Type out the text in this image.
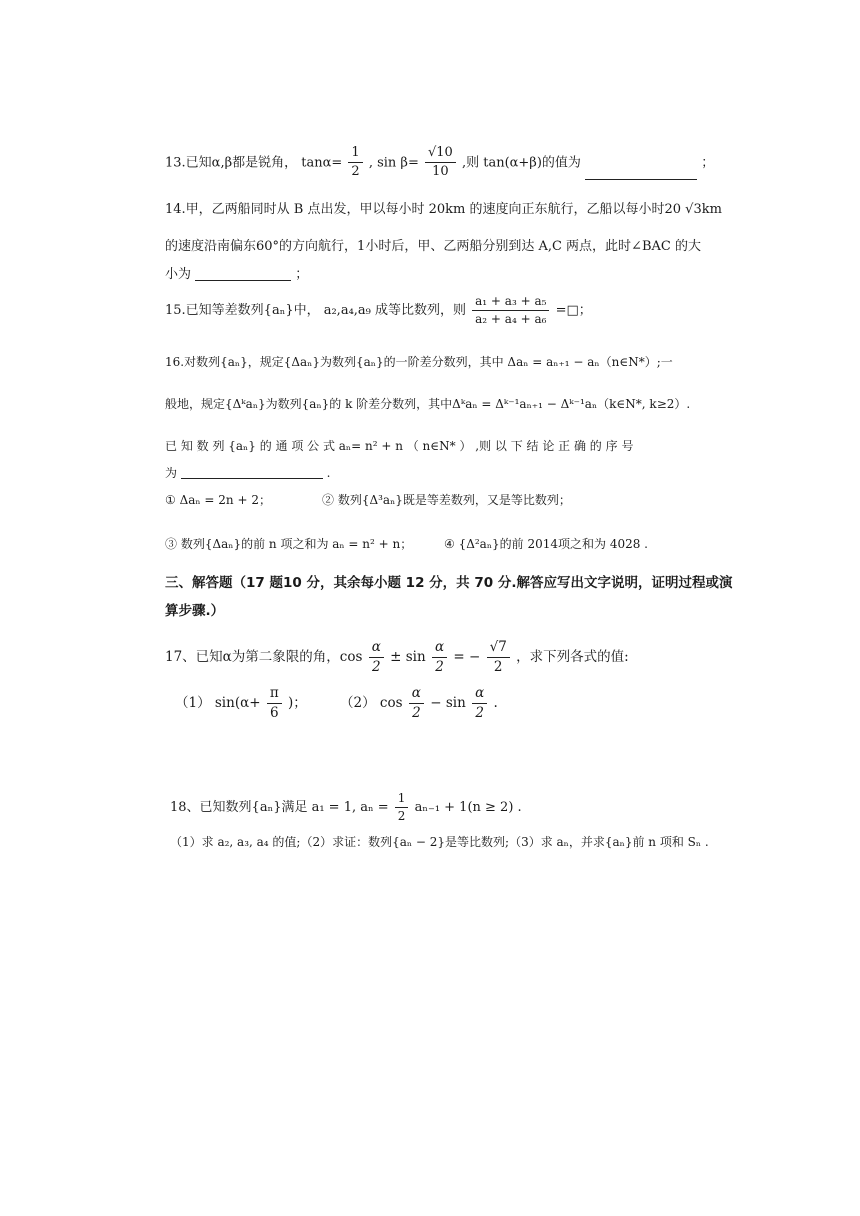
13.已知α,β都是锐角， $\tan\alpha= \frac{1}{2}$ , $\sin \beta= \frac{√10}{10}$ ,则 tan(α+β)的值为	；
14.甲，乙两船同时从 B 点出发，甲以每小时 20km 的速度向正东航行，乙船以每小时20 √3km
的速度沿南偏东60°的方向航行，1小时后，甲、乙两船分别到达 A,C 两点，此时∠BAC 的大
小为	；
15.已知等差数列{aₙ}中， a₂,a₄,a₉ 成等比数列，则 $\frac{\text{a₁ + a₃ + a₅}}{\text{a₂ + a₄ + a₆}}$ =□；
16.对数列{aₙ}，规定{Δaₙ}为数列{aₙ}的一阶差分数列，其中 Δaₙ = aₙ₊₁ − aₙ（n∈N*）;一
般地，规定{Δᵏaₙ}为数列{aₙ}的 k 阶差分数列，其中Δᵏaₙ = Δᵏ⁻¹aₙ₊₁ − Δᵏ⁻¹aₙ（k∈N*, k≥2）.
已 知 数 列 {aₙ} 的 通 项 公 式 aₙ= n² + n （ n∈N* ） ,则 以 下 结 论 正 确 的 序 号
为	.
① Δaₙ = 2n + 2；	② 数列{Δ³aₙ}既是等差数列，又是等比数列；
③ 数列{Δaₙ}的前 n 项之和为 aₙ = n² + n；	④ {Δ²aₙ}的前 2014项之和为 4028 .
三、解答题（17 题10 分，其余每小题 12 分，共 70 分.解答应写出文字说明，证明过程或演
算步骤.）
17、已知α为第二象限的角，$\cos \frac{\alpha}{2} \pm \sin \frac{\alpha}{2}$ = − $\frac{√7}{2}$ ，求下列各式的值:
（1） $\sin(\alpha+ \frac{\pi}{6}$ )； （2） $\cos \frac{\alpha}{2} - \sin \frac{\alpha}{2}$ .
18、已知数列{aₙ}满足 a₁ = 1, $a_n = \frac{1}{2} a_{n-1} + 1(n \ge 2)$ .
（1）求 a₂, a₃, a₄ 的值;（2）求证：数列{aₙ − 2}是等比数列;（3）求 aₙ，并求{aₙ}前 n 项和 Sₙ .
